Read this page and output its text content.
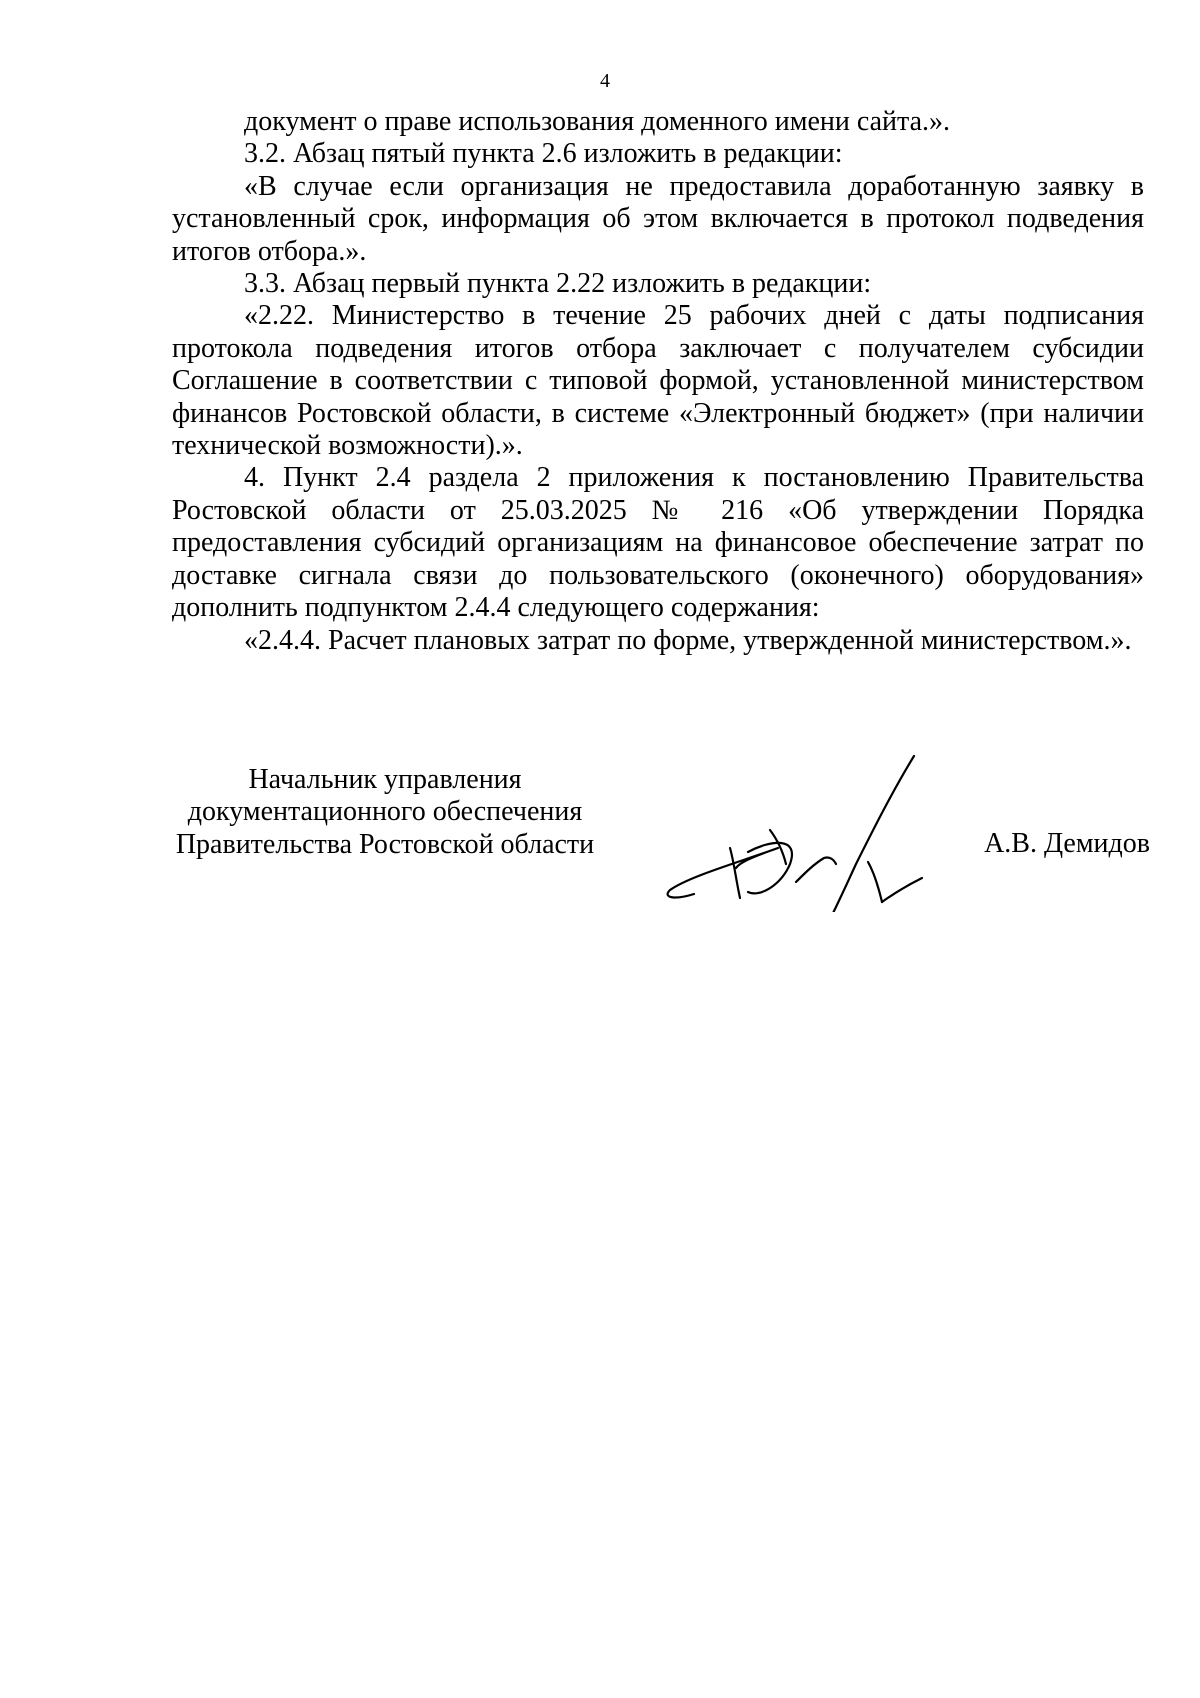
4

документ о праве использования доменного имени сайта.».

3.2. Абзац пятый пункта 2.6 изложить в редакции:

«В случае если организация не предоставила доработанную заявку в установленный срок, информация об этом включается в протокол подведения итогов отбора.».

3.3. Абзац первый пункта 2.22 изложить в редакции:

«2.22. Министерство в течение 25 рабочих дней с даты подписания протокола подведения итогов отбора заключает с получателем субсидии Соглашение в соответствии с типовой формой, установленной министерством финансов Ростовской области, в системе «Электронный бюджет» (при наличии технической возможности).».

4. Пункт 2.4 раздела 2 приложения к постановлению Правительства Ростовской области от 25.03.2025 № 216 «Об утверждении Порядка предоставления субсидий организациям на финансовое обеспечение затрат по доставке сигнала связи до пользовательского (оконечного) оборудования» дополнить подпунктом 2.4.4 следующего содержания:

«2.4.4. Расчет плановых затрат по форме, утвержденной министерством.».

Начальник управления
документационного обеспечения
Правительства Ростовской области	А.В. Демидов
